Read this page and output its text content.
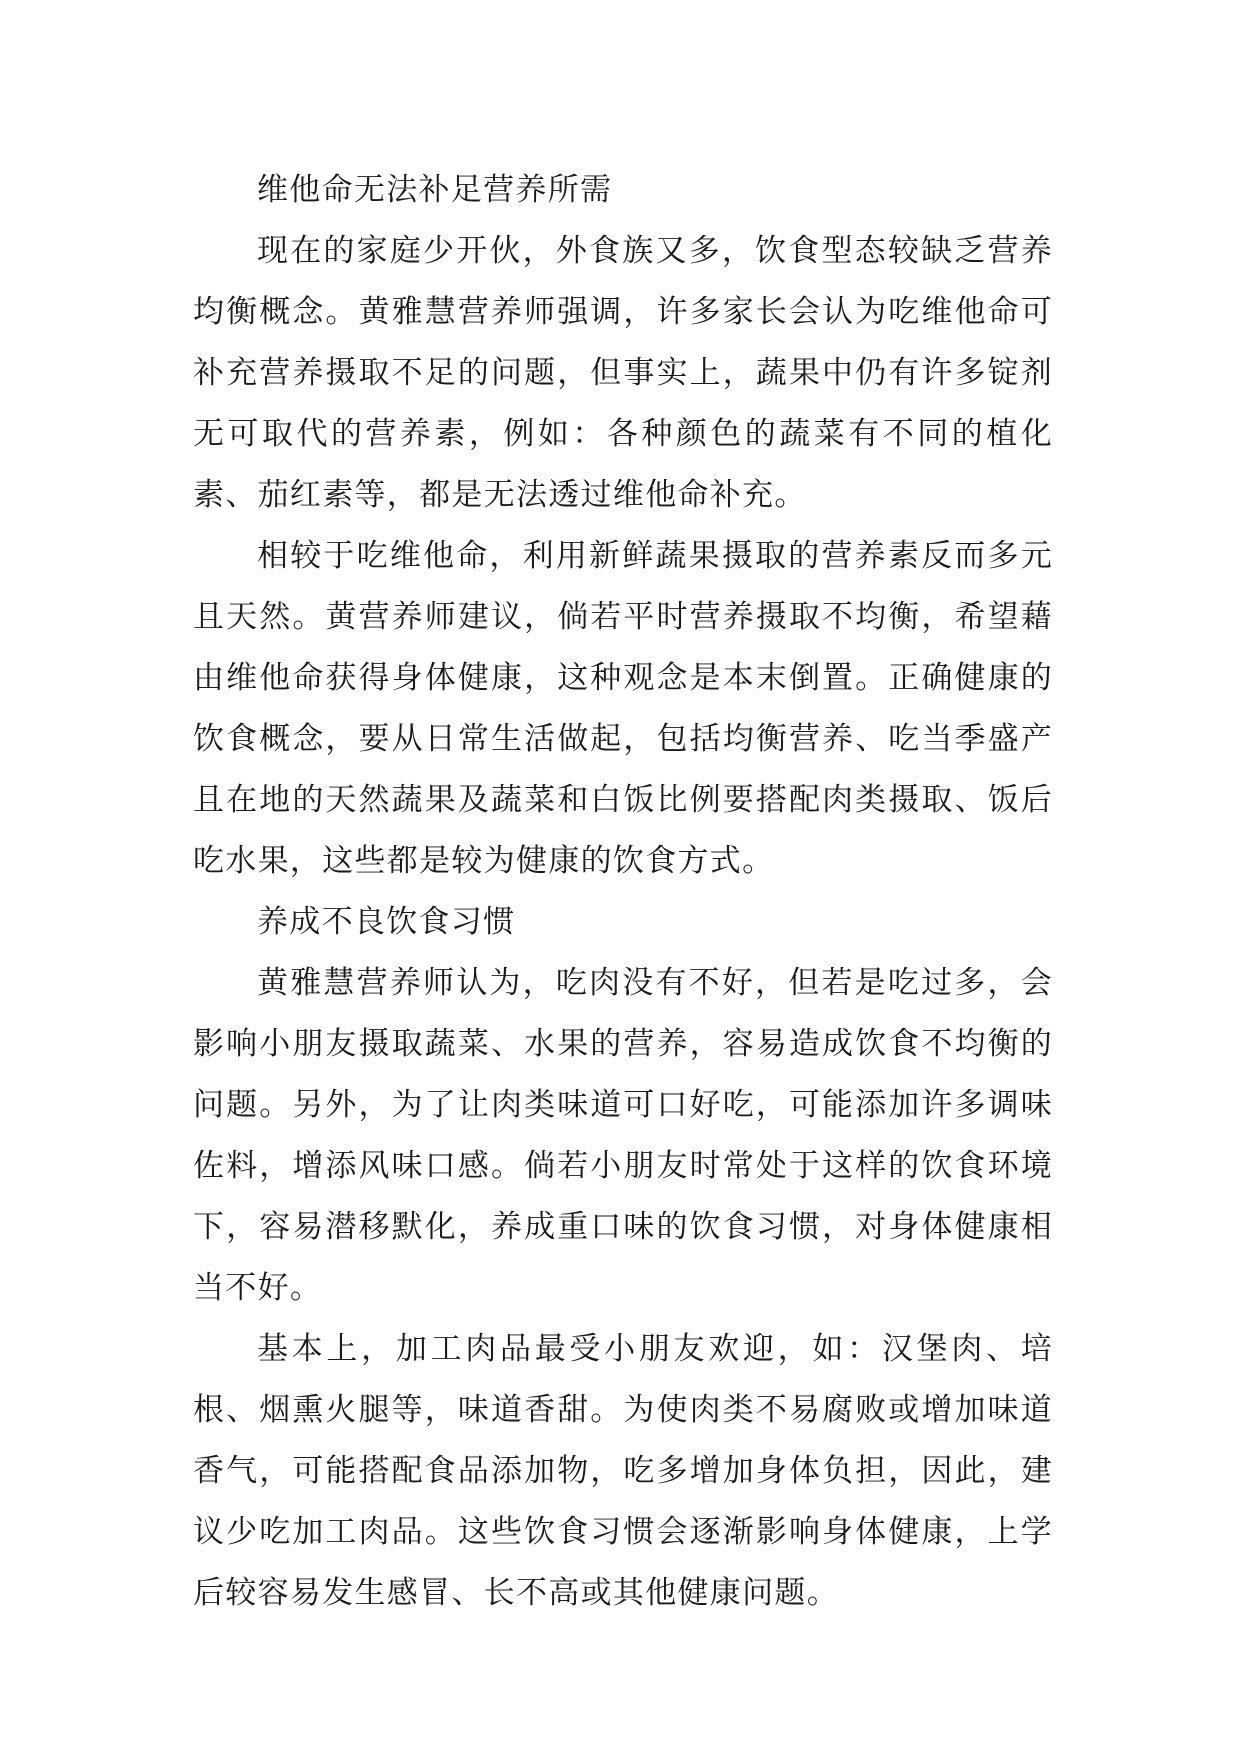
维他命无法补足营养所需

现在的家庭少开伙，外食族又多，饮食型态较缺乏营养均衡概念。黄雅慧营养师强调，许多家长会认为吃维他命可补充营养摄取不足的问题，但事实上，蔬果中仍有许多锭剂无可取代的营养素，例如：各种颜色的蔬菜有不同的植化素、茄红素等，都是无法透过维他命补充。

相较于吃维他命，利用新鲜蔬果摄取的营养素反而多元且天然。黄营养师建议，倘若平时营养摄取不均衡，希望藉由维他命获得身体健康，这种观念是本末倒置。正确健康的饮食概念，要从日常生活做起，包括均衡营养、吃当季盛产且在地的天然蔬果及蔬菜和白饭比例要搭配肉类摄取、饭后吃水果，这些都是较为健康的饮食方式。

养成不良饮食习惯

黄雅慧营养师认为，吃肉没有不好，但若是吃过多，会影响小朋友摄取蔬菜、水果的营养，容易造成饮食不均衡的问题。另外，为了让肉类味道可口好吃，可能添加许多调味佐料，增添风味口感。倘若小朋友时常处于这样的饮食环境下，容易潜移默化，养成重口味的饮食习惯，对身体健康相当不好。

基本上，加工肉品最受小朋友欢迎，如：汉堡肉、培根、烟熏火腿等，味道香甜。为使肉类不易腐败或增加味道香气，可能搭配食品添加物，吃多增加身体负担，因此，建议少吃加工肉品。这些饮食习惯会逐渐影响身体健康，上学后较容易发生感冒、长不高或其他健康问题。
